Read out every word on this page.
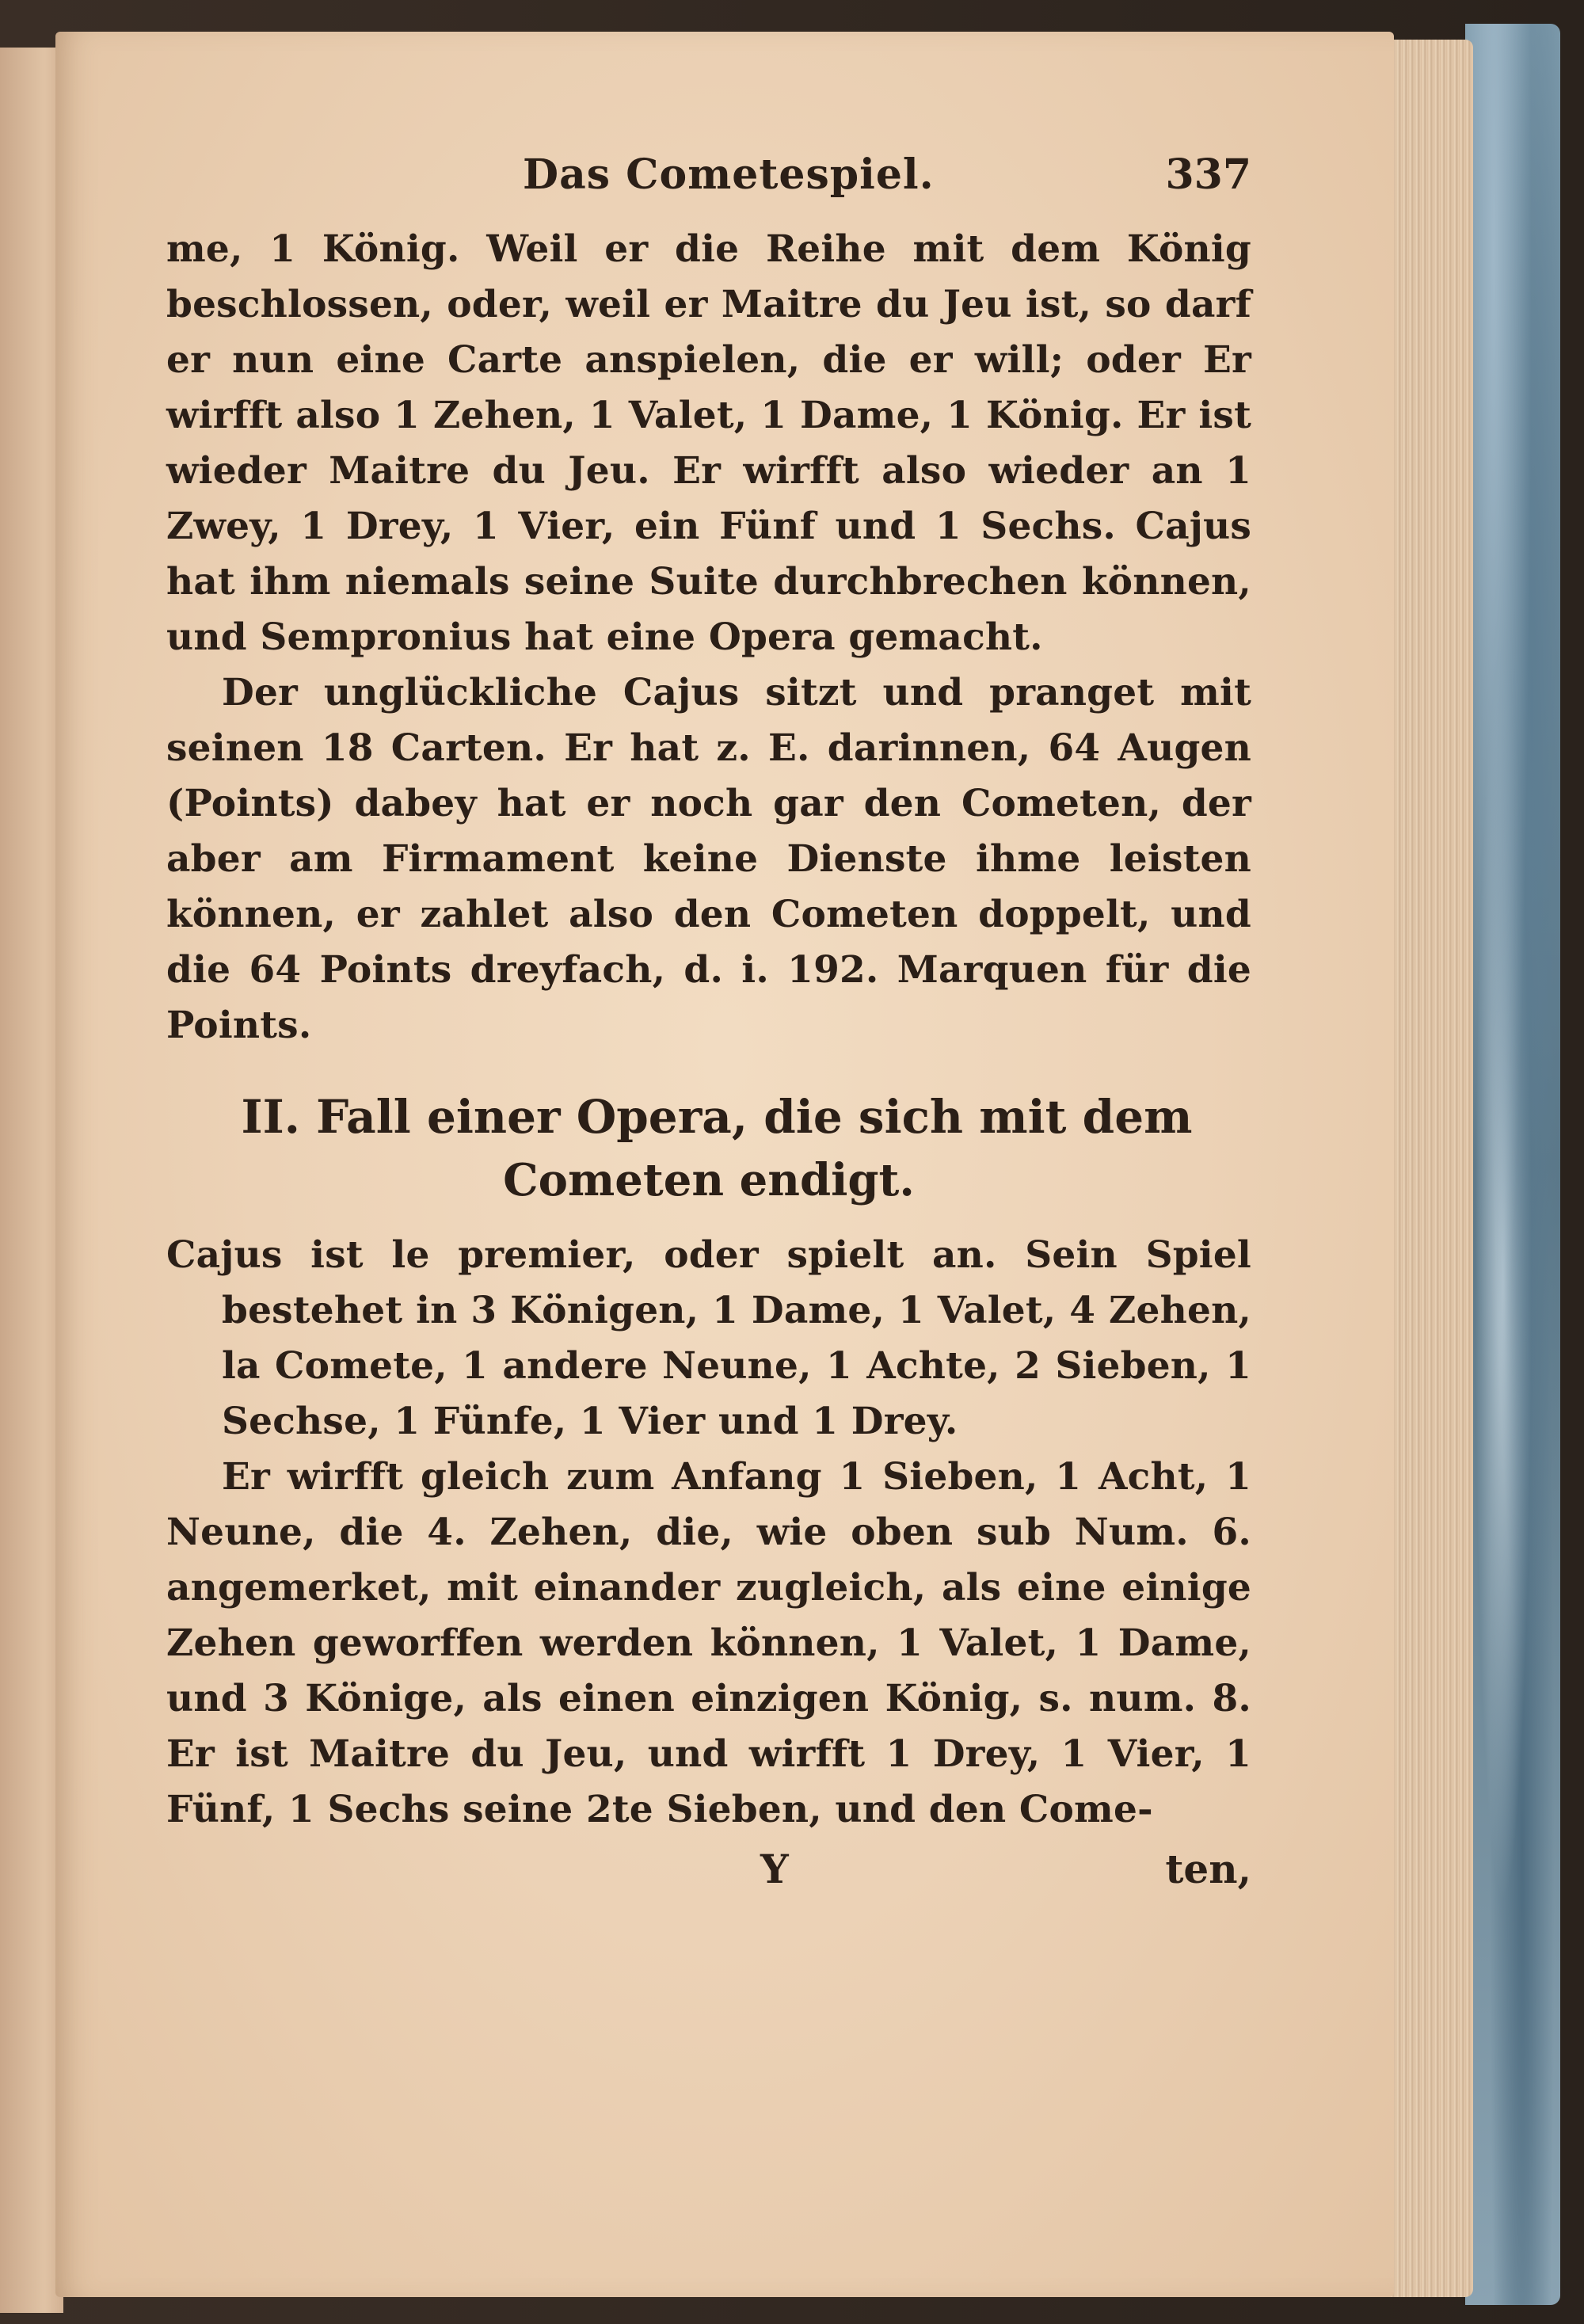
Das Cometespiel.	337

me, 1 König. Weil er die Reihe mit dem König beschlossen, oder, weil er Maitre du Jeu ist, so darf er nun eine Carte anspielen, die er will; oder Er wirfft also 1 Zehen, 1 Valet, 1 Dame, 1 König. Er ist wieder Maitre du Jeu. Er wirfft also wieder an 1 Zwey, 1 Drey, 1 Vier, ein Fünf und 1 Sechs. Cajus hat ihm niemals seine Suite durchbrechen können, und Sempronius hat eine Opera gemacht.

Der unglückliche Cajus sitzt und pranget mit seinen 18 Carten. Er hat z. E. darinnen, 64 Augen (Points) dabey hat er noch gar den Cometen, der aber am Firmament keine Dienste ihme leisten können, er zahlet also den Cometen doppelt, und die 64 Points dreyfach, d. i. 192. Marquen für die Points.

II. Fall einer Opera, die sich mit dem
Cometen endigt.

Cajus ist le premier, oder spielt an. Sein Spiel bestehet in 3 Königen, 1 Dame, 1 Valet, 4 Zehen, la Comete, 1 andere Neune, 1 Achte, 2 Sieben, 1 Sechse, 1 Fünfe, 1 Vier und 1 Drey.

Er wirfft gleich zum Anfang 1 Sieben, 1 Acht, 1 Neune, die 4. Zehen, die, wie oben sub Num. 6. angemerket, mit einander zugleich, als eine einige Zehen geworffen werden können, 1 Valet, 1 Dame, und 3 Könige, als einen einzigen König, s. num. 8. Er ist Maitre du Jeu, und wirfft 1 Drey, 1 Vier, 1 Fünf, 1 Sechs seine 2te Sieben, und den Come-

Y	ten,
